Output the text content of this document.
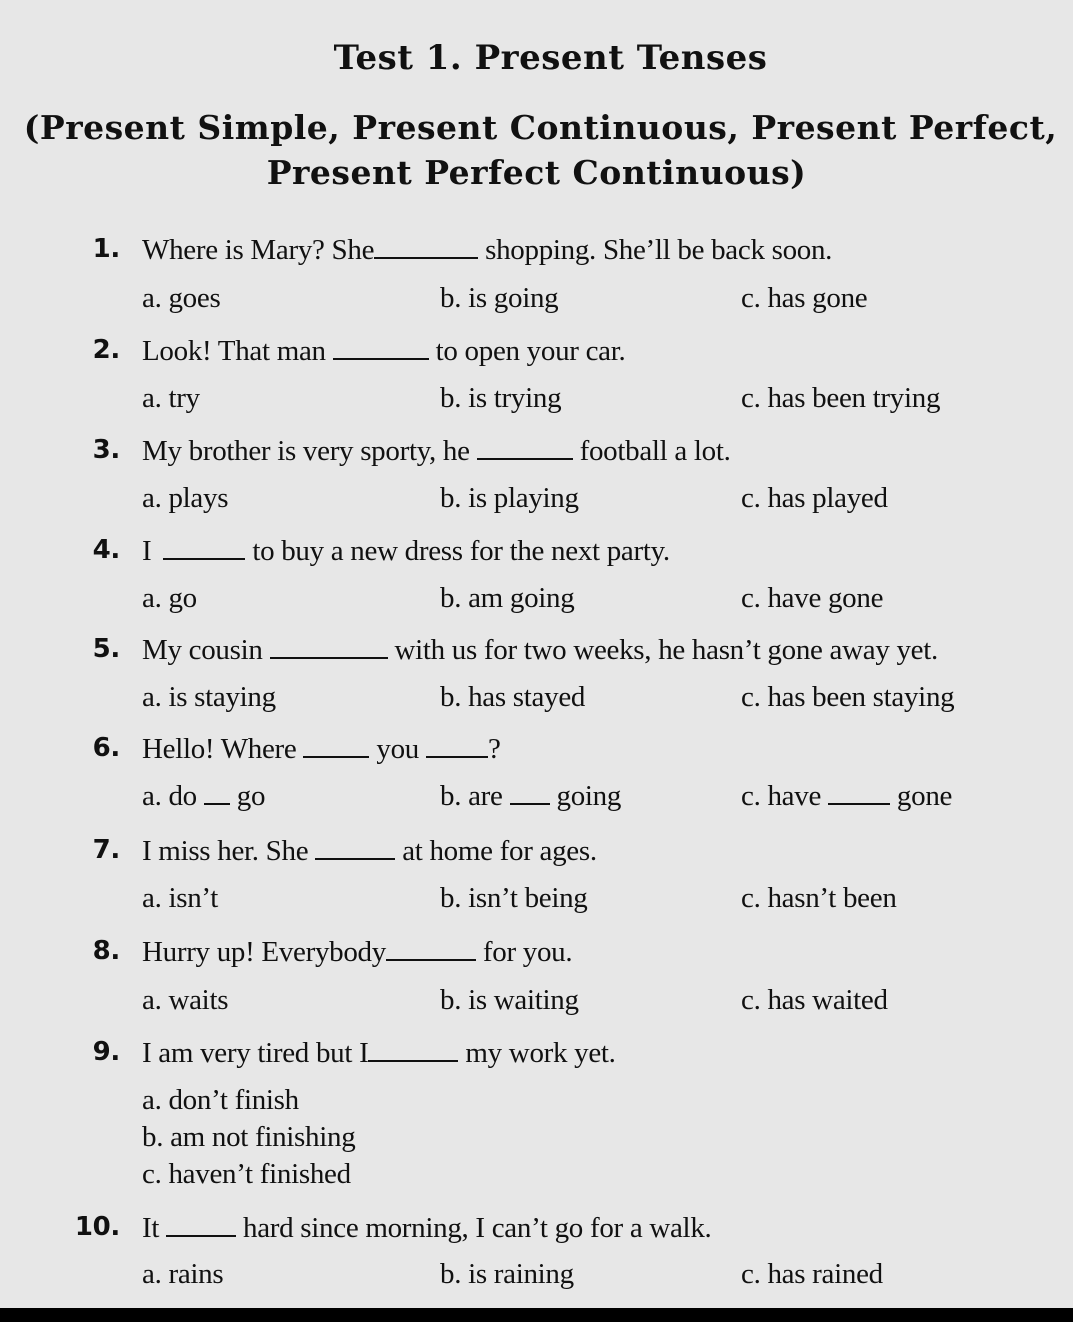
Test 1. Present Tenses
(Present Simple, Present Continuous, Present Perfect,
Present Perfect Continuous)
1. Where is Mary? She	shopping. She’ll be back soon.
a. goes	b. is going	c. has gone
2. Look! That man	to open your car.
a. try	b. is trying	c. has been trying
3. My brother is very sporty, he	football a lot.
a. plays	b. is playing	c. has played
4. I	to buy a new dress for the next party.
a. go	b. am going	c. have gone
5. My cousin	with us for two weeks, he hasn’t gone away yet.
a. is staying	b. has stayed	c. has been staying
6. Hello! Where	you ?
a. do go	b. are going	c. have	gone
7. I miss her. She	at home for ages.
a. isn’t	b. isn’t being	c. hasn’t been
8. Hurry up! Everybody	for you.
a. waits	b. is waiting	c. has waited
9. I am very tired but I	my work yet.
a. don’t finish
b. am not finishing
c. haven’t finished
10. It	hard since morning, I can’t go for a walk.
a. rains	b. is raining	c. has rained
